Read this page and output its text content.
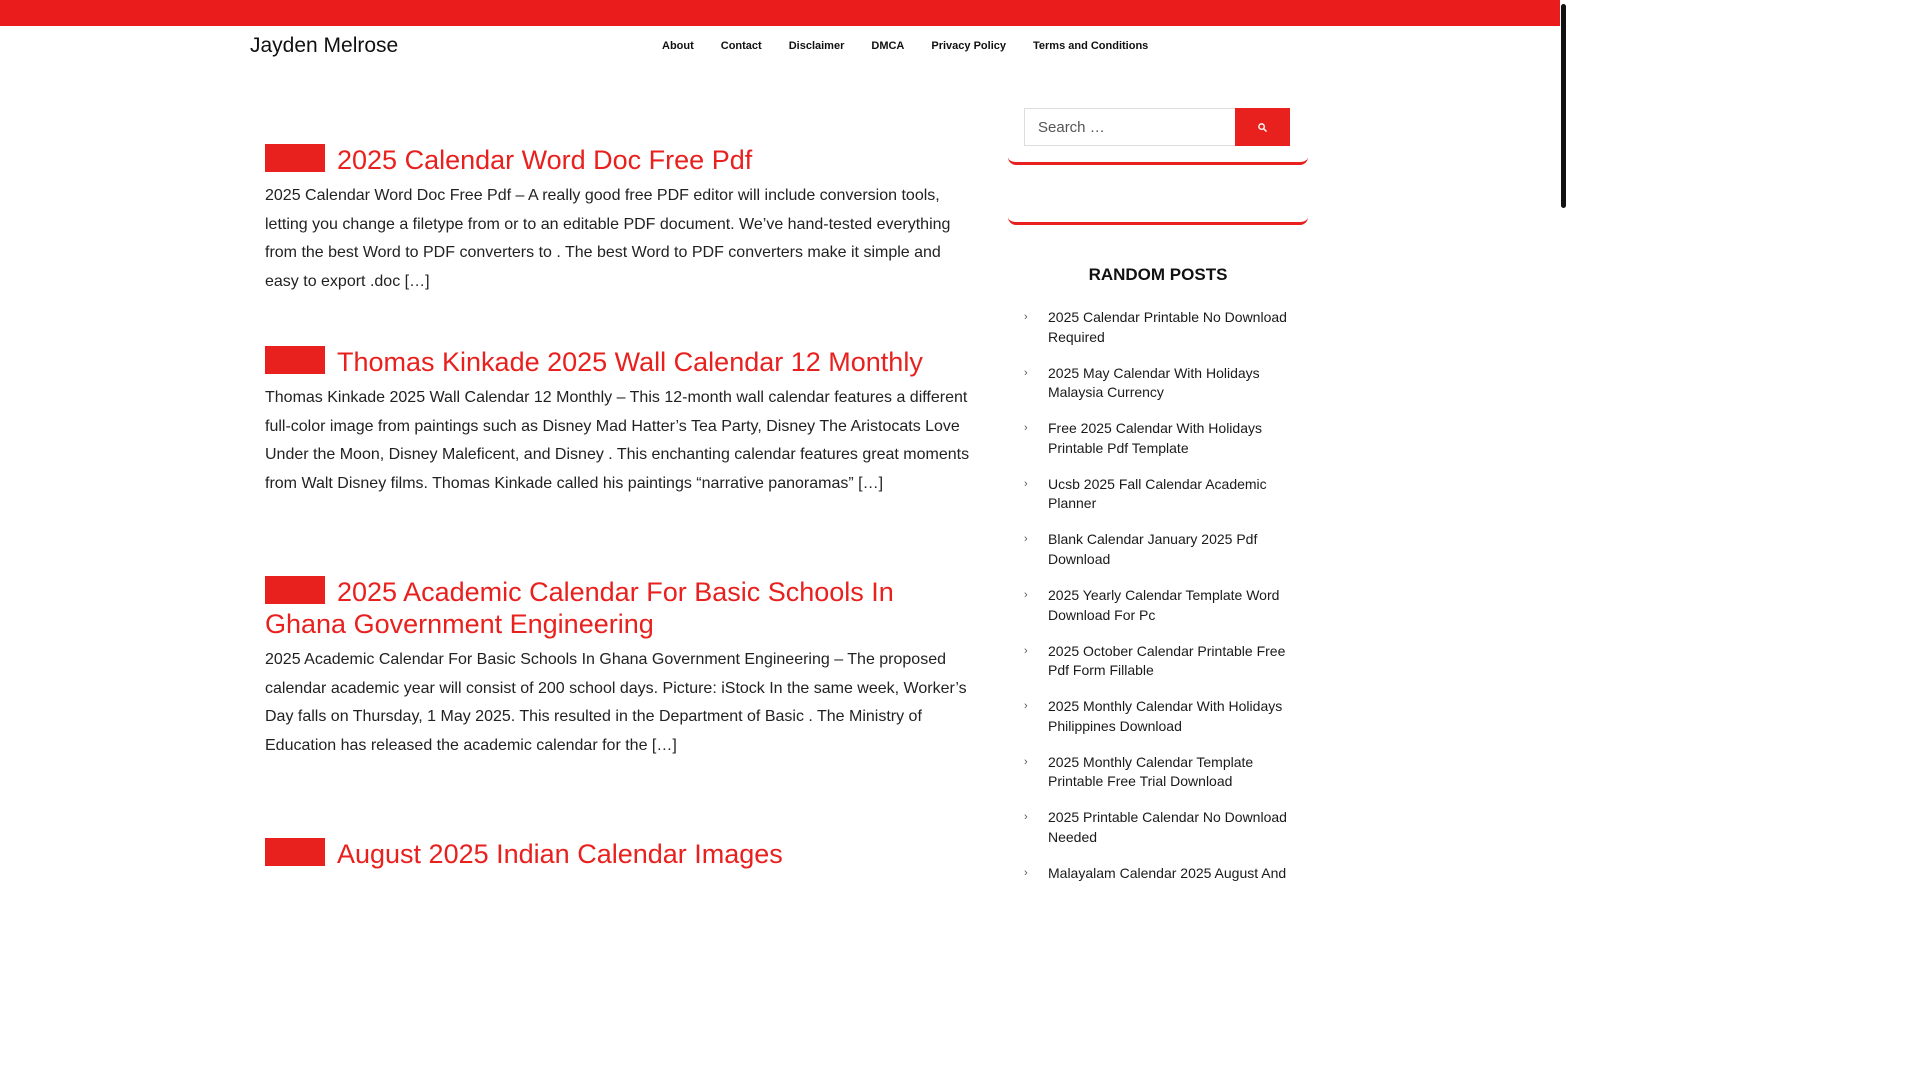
Jayden Melrose	About	Contact	Disclaimer	DMCA	Privacy Policy	Terms and Conditions
2025 Calendar Word Doc Free Pdf

2025 Calendar Word Doc Free Pdf – A really good free PDF editor will include conversion tools, letting you change a filetype from or to an editable PDF document. We’ve hand-tested everything from the best Word to PDF converters to . The best Word to PDF converters make it simple and easy to export .doc […]

Thomas Kinkade 2025 Wall Calendar 12 Monthly

Thomas Kinkade 2025 Wall Calendar 12 Monthly – This 12-month wall calendar features a different full-color image from paintings such as Disney Mad Hatter’s Tea Party, Disney The Aristocats Love Under the Moon, Disney Maleficent, and Disney . This enchanting calendar features great moments from Walt Disney films. Thomas Kinkade called his paintings “narrative panoramas” […]

2025 Academic Calendar For Basic Schools In Ghana Government Engineering

2025 Academic Calendar For Basic Schools In Ghana Government Engineering – The proposed calendar academic year will consist of 200 school days. Picture: iStock In the same week, Worker’s Day falls on Thursday, 1 May 2025. This resulted in the Department of Basic . The Ministry of Education has released the academic calendar for the […]

August 2025 Indian Calendar Images
Search …
RANDOM POSTS
› 2025 Calendar Printable No Download Required
› 2025 May Calendar With Holidays Malaysia Currency
› Free 2025 Calendar With Holidays Printable Pdf Template
› Ucsb 2025 Fall Calendar Academic Planner
› Blank Calendar January 2025 Pdf Download
› 2025 Yearly Calendar Template Word Download For Pc
› 2025 October Calendar Printable Free Pdf Form Fillable
› 2025 Monthly Calendar With Holidays Philippines Download
› 2025 Monthly Calendar Template Printable Free Trial Download
› 2025 Printable Calendar No Download Needed
› Malayalam Calendar 2025 August And
